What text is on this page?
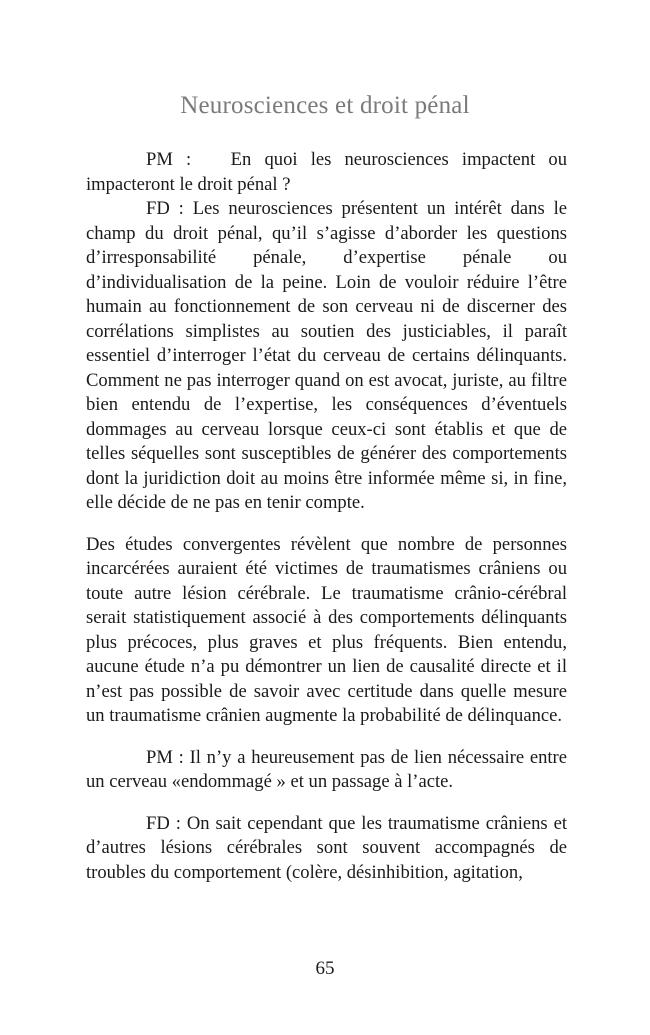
Neurosciences et droit pénal

PM : En quoi les neurosciences impactent ou impacteront le droit pénal ?

FD : Les neurosciences présentent un intérêt dans le champ du droit pénal, qu’il s’agisse d’aborder les questions d’irresponsabilité pénale, d’expertise pénale ou d’individualisation de la peine. Loin de vouloir réduire l’être humain au fonctionnement de son cerveau ni de discerner des corrélations simplistes au soutien des justiciables, il paraît essentiel d’interroger l’état du cerveau de certains délinquants. Comment ne pas interroger quand on est avocat, juriste, au filtre bien entendu de l’expertise, les conséquences d’éventuels dommages au cerveau lorsque ceux-ci sont établis et que de telles séquelles sont susceptibles de générer des comportements dont la juridiction doit au moins être informée même si, in fine, elle décide de ne pas en tenir compte.

Des études convergentes révèlent que nombre de personnes incarcérées auraient été victimes de traumatismes crâniens ou toute autre lésion cérébrale. Le traumatisme crânio-cérébral serait statistiquement associé à des comportements délinquants plus précoces, plus graves et plus fréquents. Bien entendu, aucune étude n’a pu démontrer un lien de causalité directe et il n’est pas possible de savoir avec certitude dans quelle mesure un traumatisme crânien augmente la probabilité de délinquance.

PM : Il n’y a heureusement pas de lien nécessaire entre un cerveau «endommagé » et un passage à l’acte.

FD : On sait cependant que les traumatisme crâniens et d’autres lésions cérébrales sont souvent accompagnés de troubles du comportement (colère, désinhibition, agitation,

65
